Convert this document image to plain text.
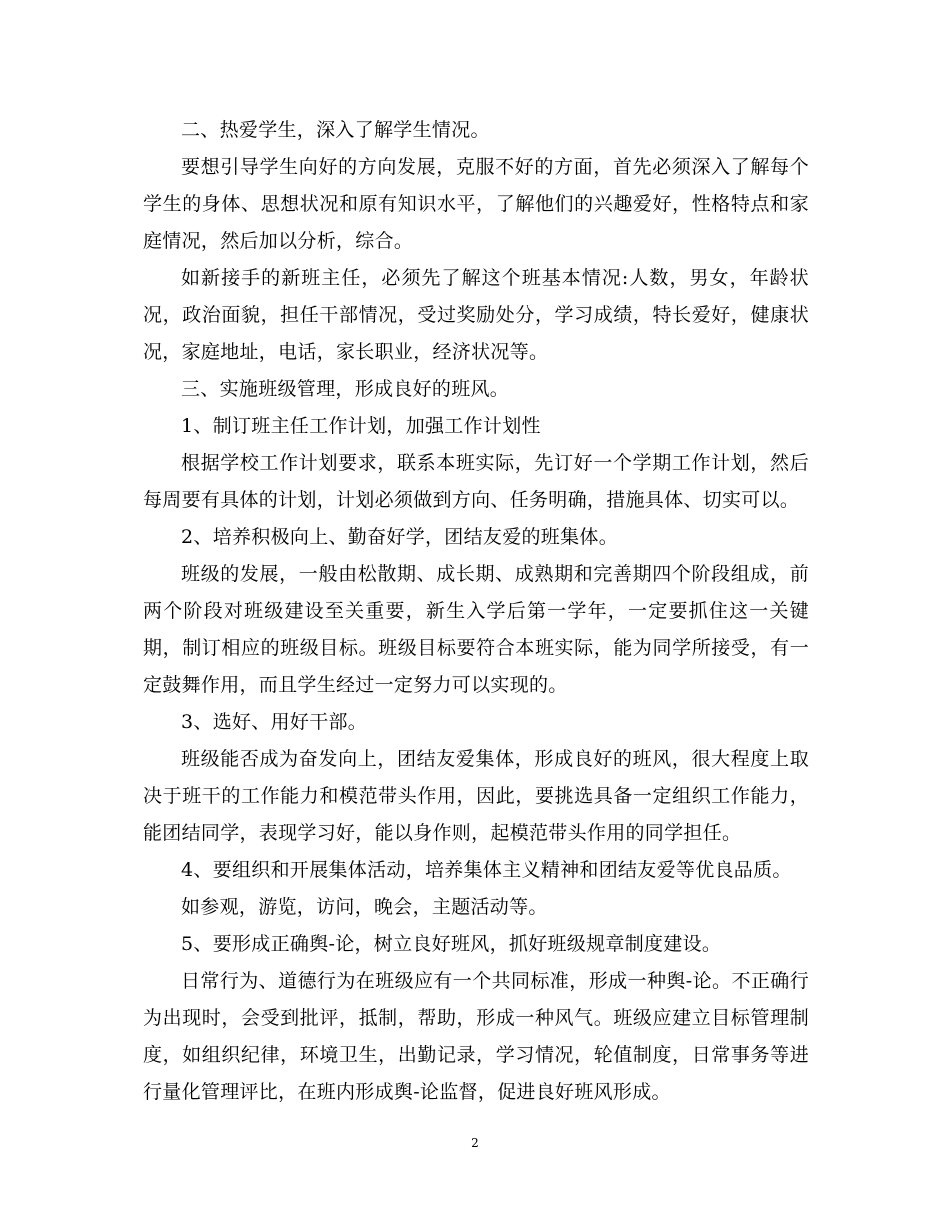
二、热爱学生，深入了解学生情况。

要想引导学生向好的方向发展，克服不好的方面，首先必须深入了解每个学生的身体、思想状况和原有知识水平，了解他们的兴趣爱好，性格特点和家庭情况，然后加以分析，综合。

如新接手的新班主任，必须先了解这个班基本情况:人数，男女，年龄状况，政治面貌，担任干部情况，受过奖励处分，学习成绩，特长爱好，健康状况，家庭地址，电话，家长职业，经济状况等。

三、实施班级管理，形成良好的班风。

1、制订班主任工作计划，加强工作计划性

根据学校工作计划要求，联系本班实际，先订好一个学期工作计划，然后每周要有具体的计划，计划必须做到方向、任务明确，措施具体、切实可以。

2、培养积极向上、勤奋好学，团结友爱的班集体。

班级的发展，一般由松散期、成长期、成熟期和完善期四个阶段组成，前两个阶段对班级建设至关重要，新生入学后第一学年，一定要抓住这一关键期，制订相应的班级目标。班级目标要符合本班实际，能为同学所接受，有一定鼓舞作用，而且学生经过一定努力可以实现的。

3、选好、用好干部。

班级能否成为奋发向上，团结友爱集体，形成良好的班风，很大程度上取决于班干的工作能力和模范带头作用，因此，要挑选具备一定组织工作能力，能团结同学，表现学习好，能以身作则，起模范带头作用的同学担任。

4、要组织和开展集体活动，培养集体主义精神和团结友爱等优良品质。

如参观，游览，访问，晚会，主题活动等。

5、要形成正确舆-论，树立良好班风，抓好班级规章制度建设。

日常行为、道德行为在班级应有一个共同标准，形成一种舆-论。不正确行为出现时，会受到批评，抵制，帮助，形成一种风气。班级应建立目标管理制度，如组织纪律，环境卫生，出勤记录，学习情况，轮值制度，日常事务等进行量化管理评比，在班内形成舆-论监督，促进良好班风形成。

2
